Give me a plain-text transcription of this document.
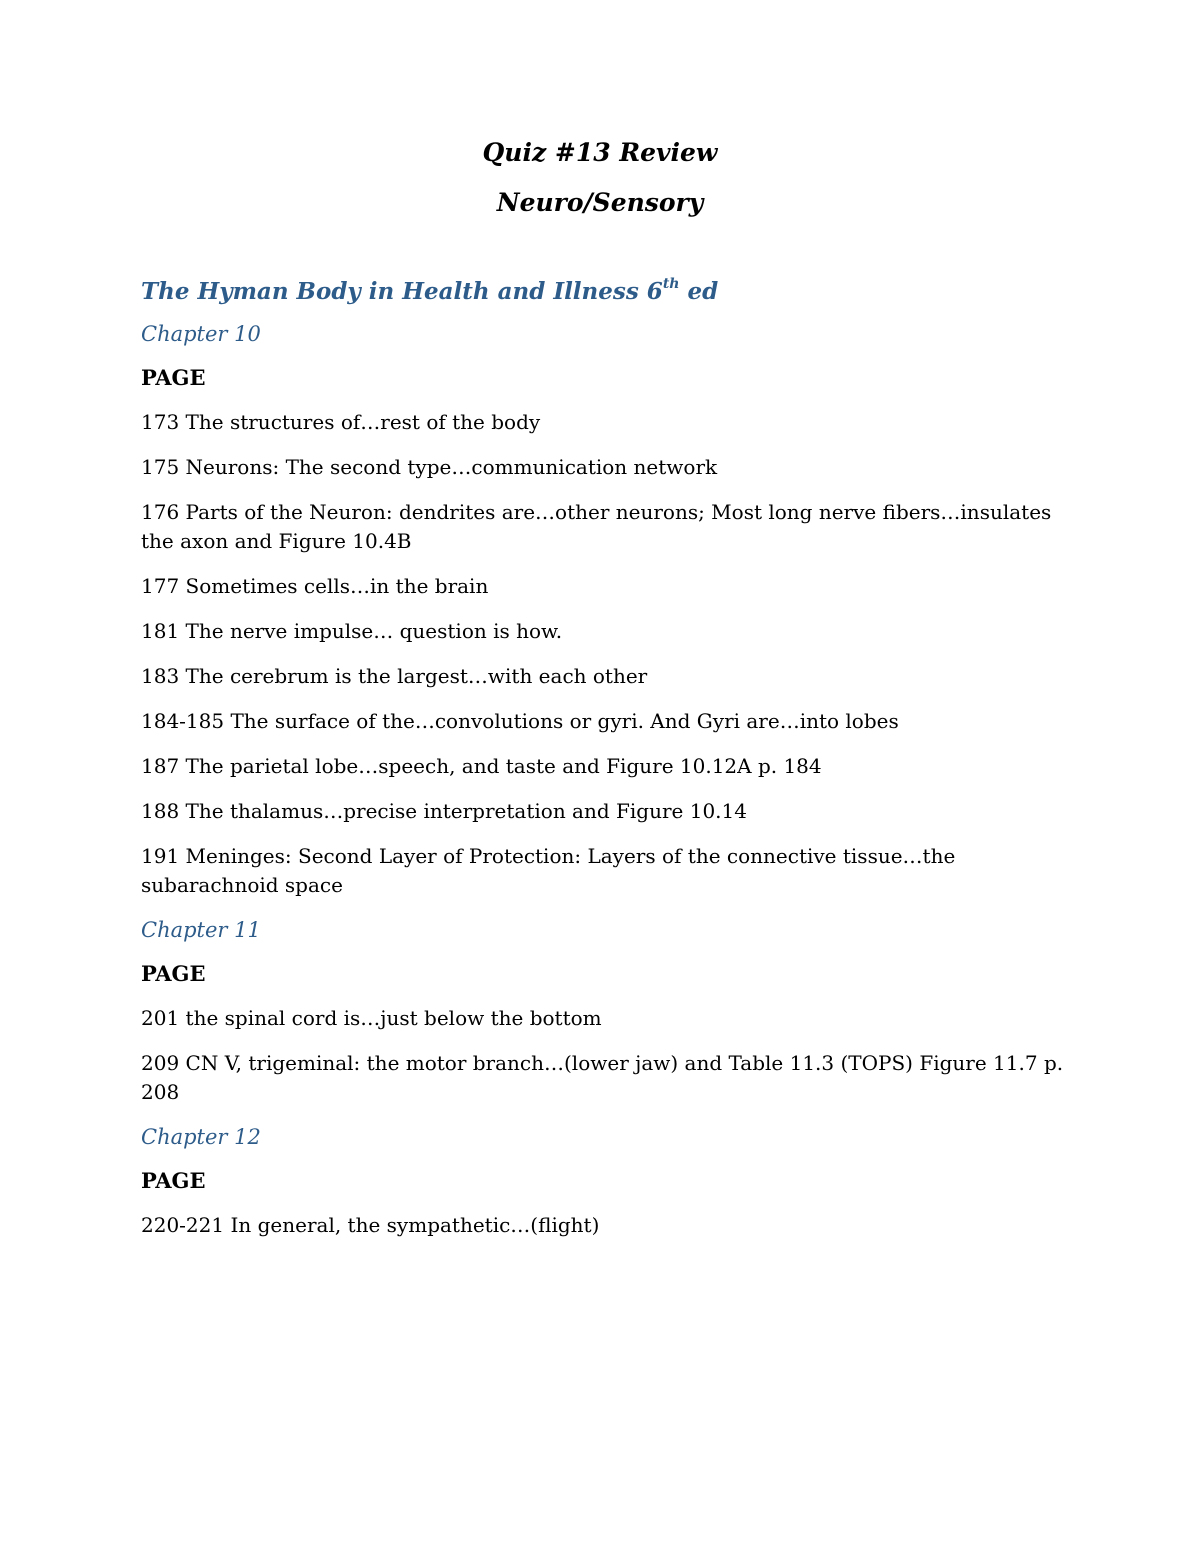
Quiz #13 Review

Neuro/Sensory

The Hyman Body in Health and Illness 6th ed

Chapter 10

PAGE

173 The structures of…rest of the body

175 Neurons: The second type…communication network

176 Parts of the Neuron: dendrites are…other neurons; Most long nerve fibers…insulates the axon and Figure 10.4B

177 Sometimes cells…in the brain

181 The nerve impulse… question is how.

183 The cerebrum is the largest…with each other

184-185 The surface of the…convolutions or gyri. And Gyri are…into lobes

187 The parietal lobe…speech, and taste and Figure 10.12A p. 184

188 The thalamus…precise interpretation and Figure 10.14

191 Meninges: Second Layer of Protection: Layers of the connective tissue…the subarachnoid space

Chapter 11

PAGE

201 the spinal cord is…just below the bottom

209 CN V, trigeminal: the motor branch…(lower jaw) and Table 11.3 (TOPS) Figure 11.7 p. 208

Chapter 12

PAGE

220-221 In general, the sympathetic…(flight)
